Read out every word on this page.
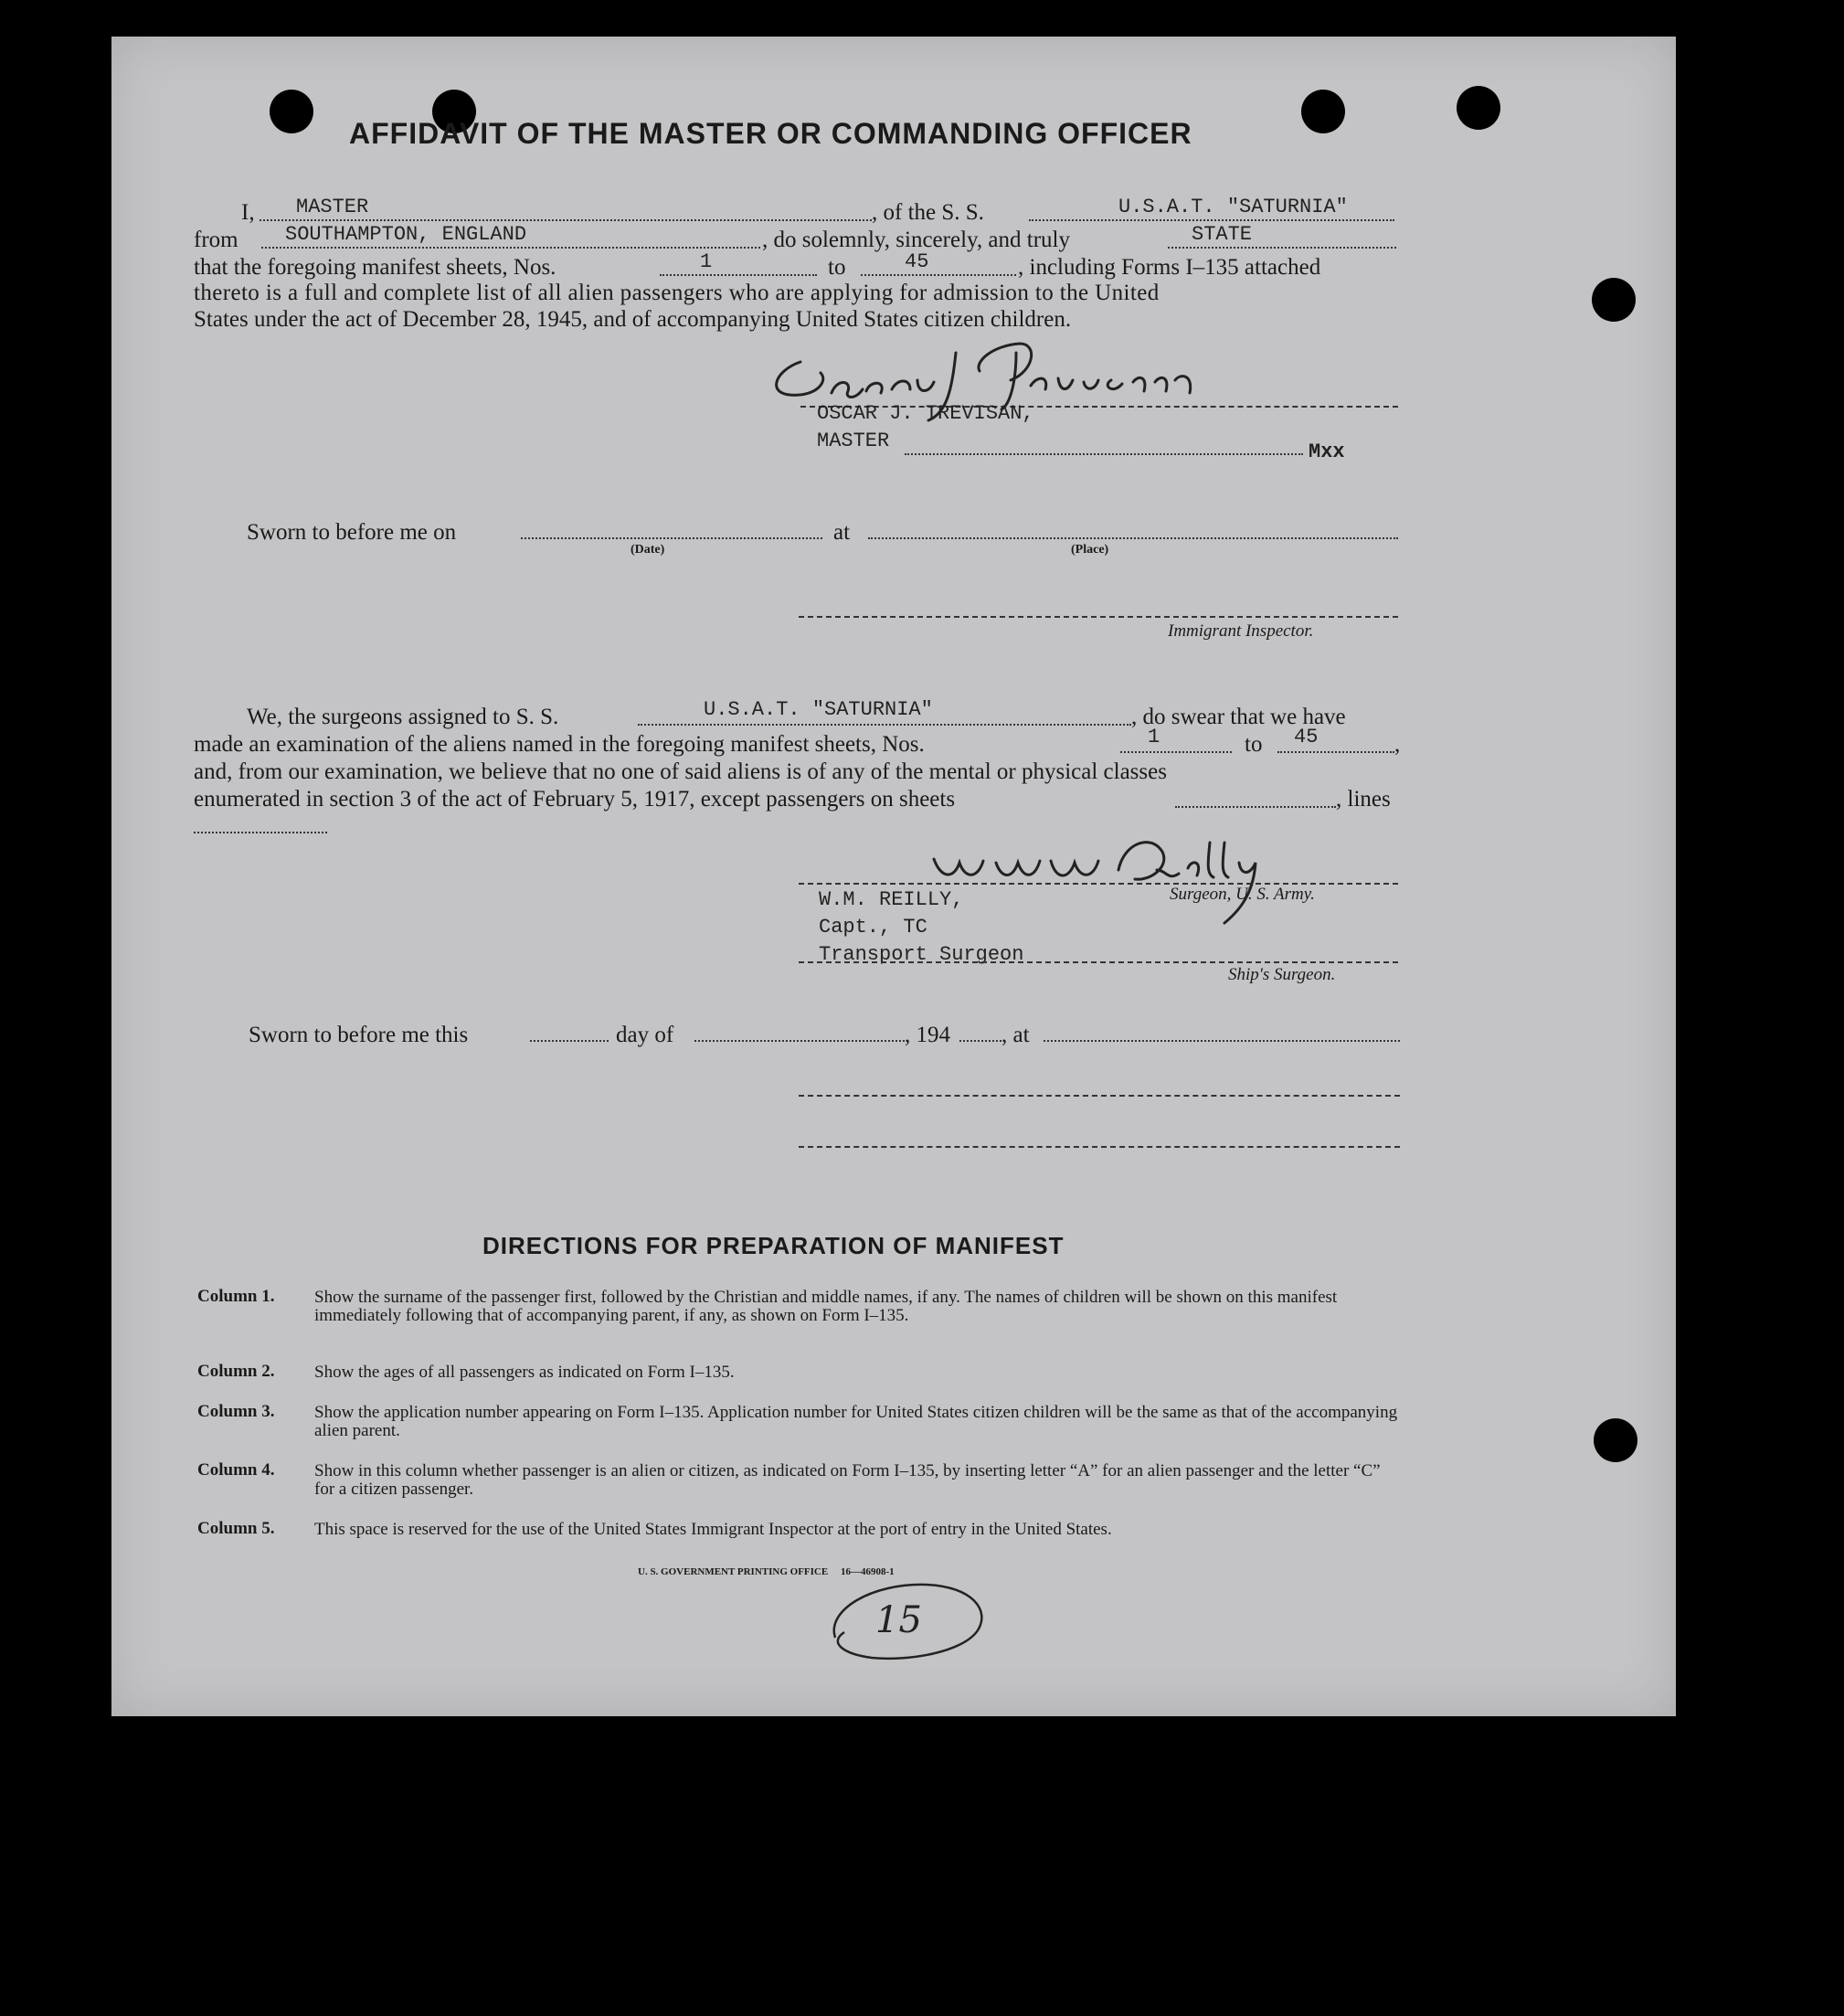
AFFIDAVIT OF THE MASTER OR COMMANDING OFFICER
I, MASTER	, of the S. S.	U.S.A.T. "SATURNIA"
from SOUTHAMPTON, ENGLAND	, do solemnly, sincerely, and truly	STATE
that the foregoing manifest sheets, Nos.	1	to	45	, including Forms I–135 attached
thereto is a full and complete list of all alien passengers who are applying for admission to the United
States under the act of December 28, 1945, and of accompanying United States citizen children.
OSCAR J. TREVISAN,
MASTER	Mxx
Sworn to before me on
(Date)
at
(Place)
Immigrant Inspector.
We, the surgeons assigned to S. S.	U.S.A.T. "SATURNIA"	, do swear that we have
made an examination of the aliens named in the foregoing manifest sheets, Nos.	1	to 45	,
and, from our examination, we believe that no one of said aliens is of any of the mental or physical classes
enumerated in section 3 of the act of February 5, 1917, except passengers on sheets	, lines
Surgeon, U. S. Army.
W.M. REILLY,
Capt., TC
Transport Surgeon
Ship's Surgeon.
Sworn to before me this	day of	, 194 , at
DIRECTIONS FOR PREPARATION OF MANIFEST
Column 1. Show the surname of the passenger first, followed by the Christian and middle names, if any. The names of children will be shown on this manifest immediately following that of accompanying parent, if any, as shown on Form I–135.
Column 2. Show the ages of all passengers as indicated on Form I–135.
Column 3. Show the application number appearing on Form I–135. Application number for United States citizen children will be the same as that of the accompanying alien parent.
Column 4. Show in this column whether passenger is an alien or citizen, as indicated on Form I–135, by inserting letter “A” for an alien passenger and the letter “C” for a citizen passenger.
Column 5. This space is reserved for the use of the United States Immigrant Inspector at the port of entry in the United States.
U. S. GOVERNMENT PRINTING OFFICE     16—46908-1
15
